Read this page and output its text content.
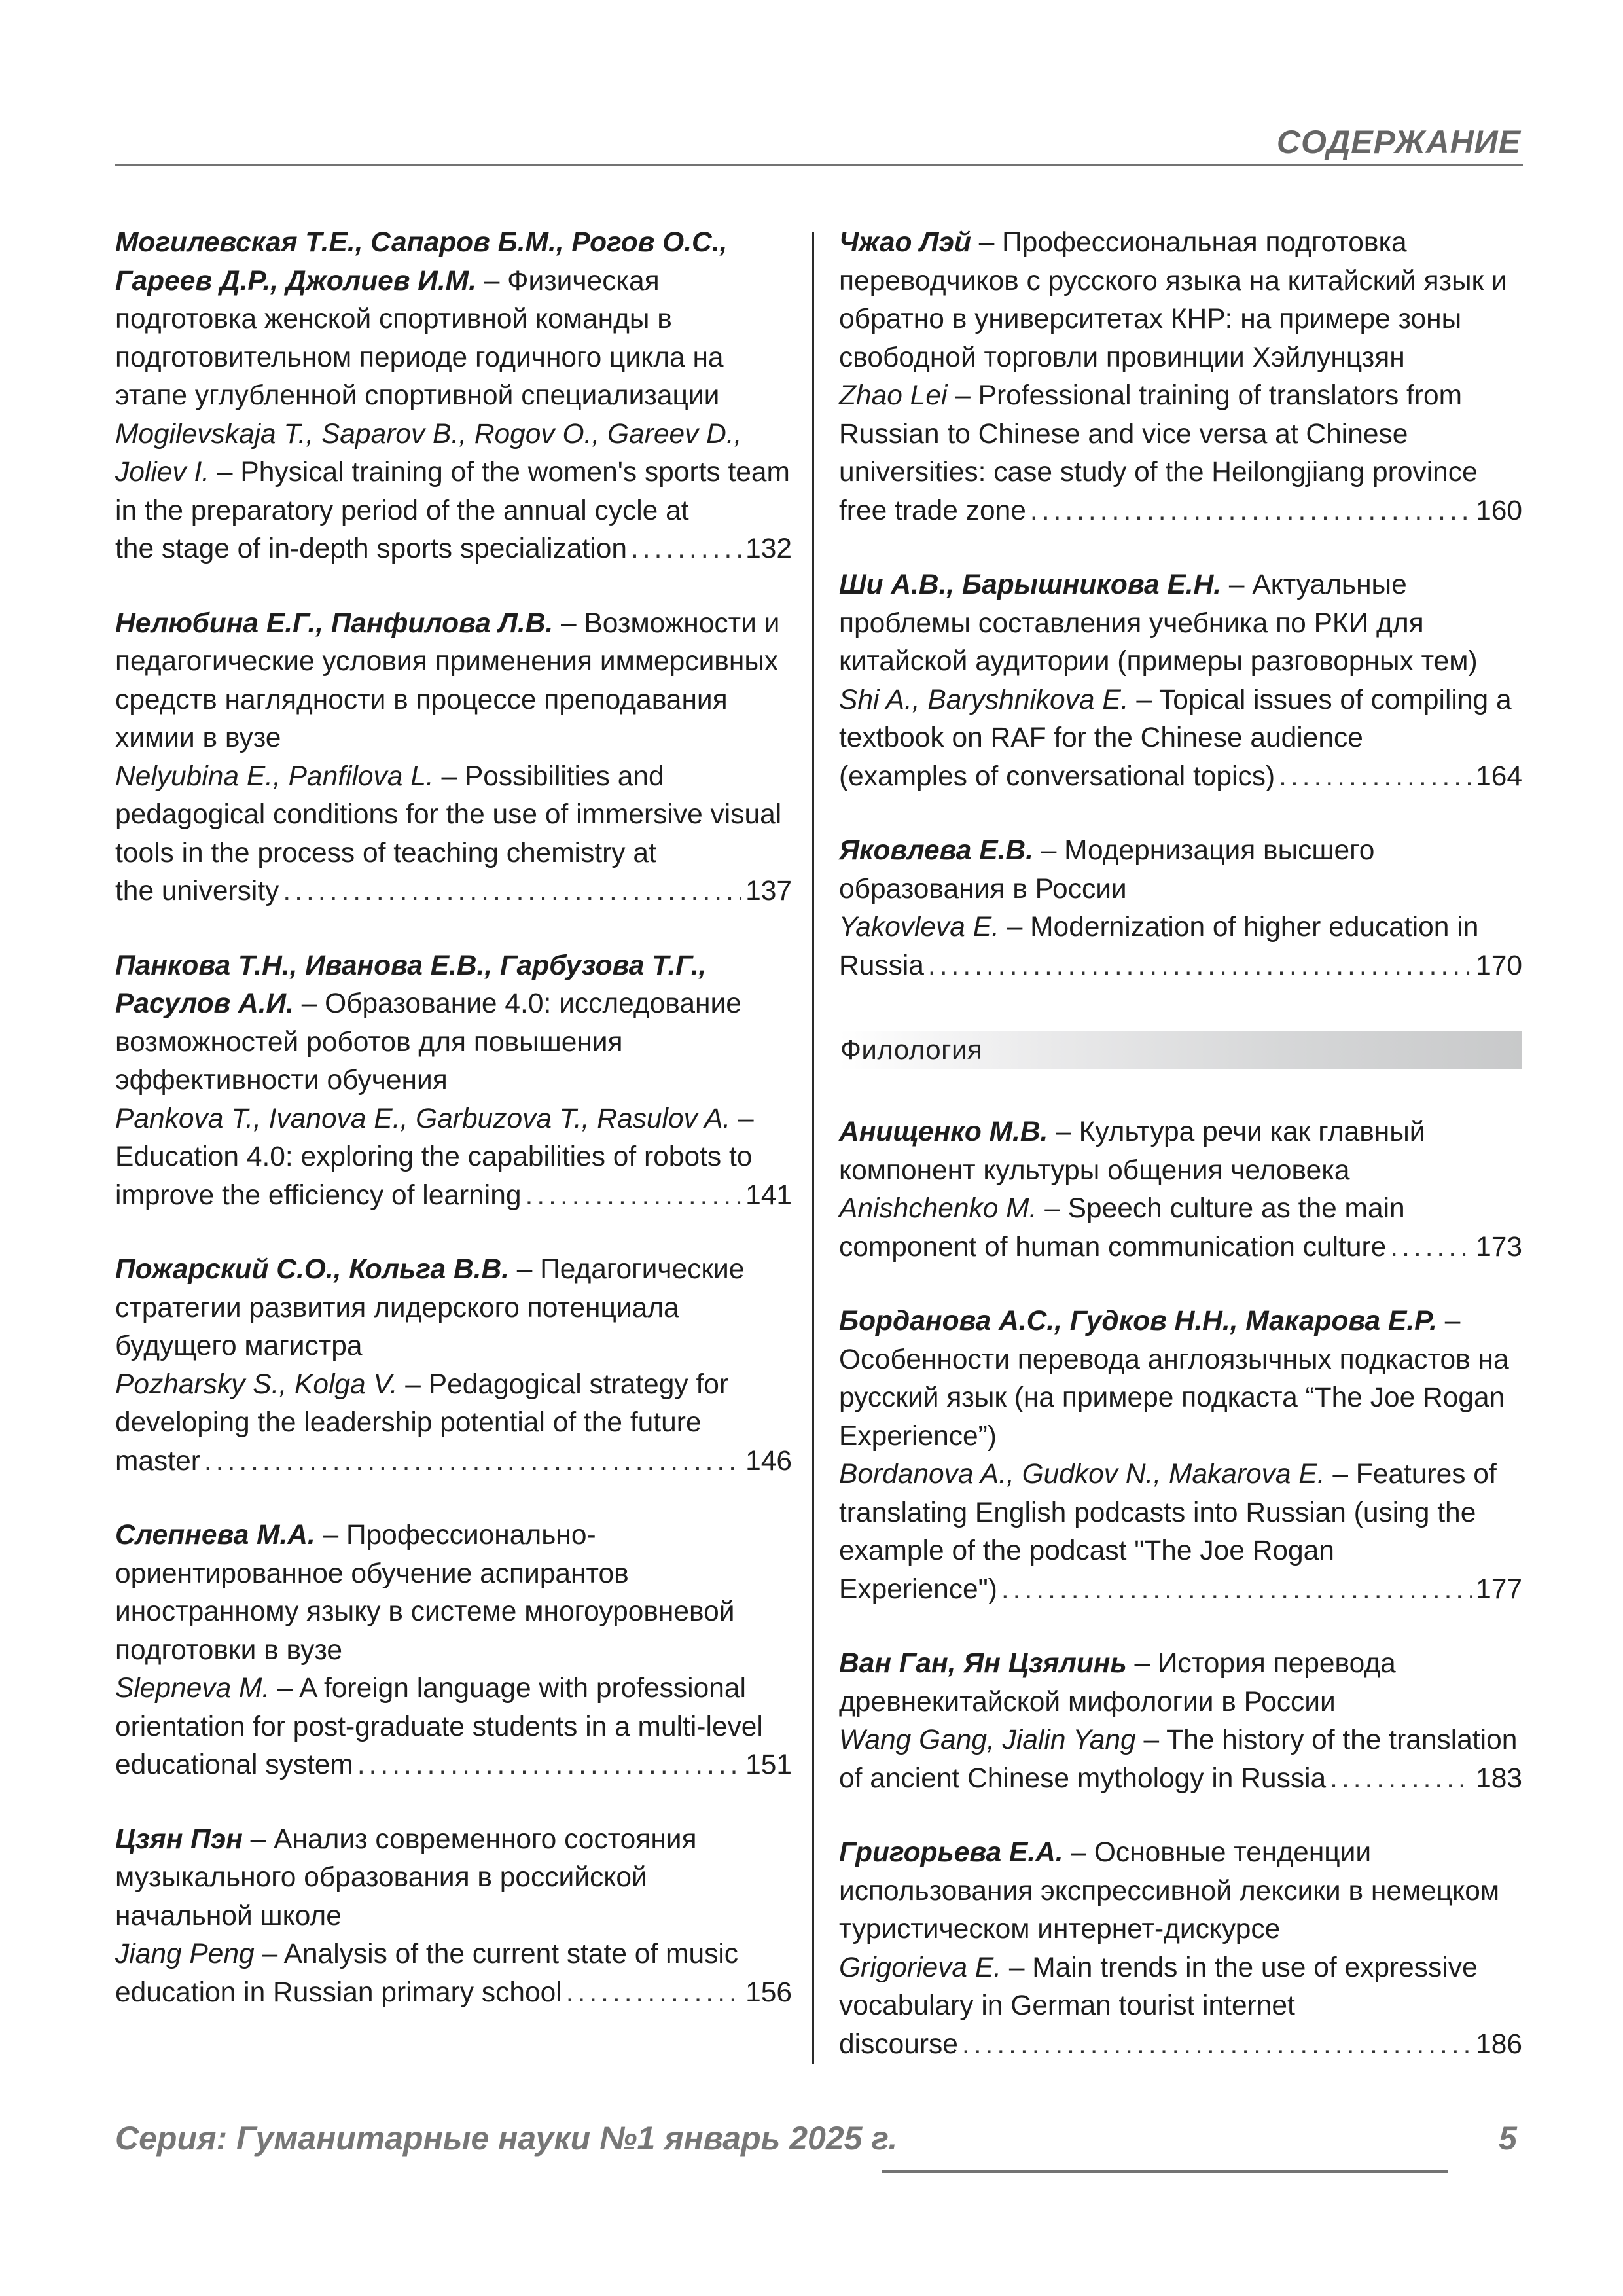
СОДЕРЖАНИЕ
Могилевская Т.Е., Сапаров Б.М., Рогов О.С., Гареев Д.Р., Джолиев И.М. – Физическая подготовка женской спортивной команды в подготовительном периоде годичного цикла на этапе углубленной спортивной специализации
Mogilevskaja T., Saparov B., Rogov O., Gareev D., Joliev I. – Physical training of the women's sports team in the preparatory period of the annual cycle at
the stage of in-depth sports specialization .....	132
Нелюбина Е.Г., Панфилова Л.В. – Возможности и педагогические условия применения иммерсивных средств наглядности в процессе преподавания химии в вузе
Nelyubina E., Panfilova L. – Possibilities and pedagogical conditions for the use of immersive visual tools in the process of teaching chemistry at
the university .....	137
Панкова Т.Н., Иванова Е.В., Гарбузова Т.Г., Расулов А.И. – Образование 4.0: исследование возможностей роботов для повышения эффективности обучения
Pankova T., Ivanova E., Garbuzova T., Rasulov A. – Education 4.0: exploring the capabilities of robots to
improve the efficiency of learning .....	141
Пожарский С.О., Кольга В.В. – Педагогические стратегии развития лидерского потенциала будущего магистра
Pozharsky S., Kolga V. – Pedagogical strategy for developing the leadership potential of the future
master .....	146
Слепнева М.А. – Профессионально-ориентированное обучение аспирантов иностранному языку в системе многоуровневой подготовки в вузе
Slepneva M. – A foreign language with professional orientation for post-graduate students in a multi-level
educational system .....	151
Цзян Пэн – Анализ современного состояния музыкального образования в российской начальной школе
Jiang Peng – Analysis of the current state of music
education in Russian primary school .....	156
Чжао Лэй – Профессиональная подготовка переводчиков с русского языка на китайский язык и обратно в университетах КНР: на примере зоны свободной торговли провинции Хэйлунцзян
Zhao Lei – Professional training of translators from Russian to Chinese and vice versa at Chinese universities: case study of the Heilongjiang province
free trade zone .....	160
Ши А.В., Барышникова Е.Н. – Актуальные проблемы составления учебника по РКИ для китайской аудитории (примеры разговорных тем)
Shi A., Baryshnikova E. – Topical issues of compiling a textbook on RAF for the Chinese audience
(examples of conversational topics) .....	164
Яковлева Е.В. – Модернизация высшего образования в России
Yakovleva E. – Modernization of higher education in
Russia .....	170
Филология
Анищенко М.В. – Культура речи как главный компонент культуры общения человека
Anishchenko M. – Speech culture as the main
component of human communication culture .....	173
Борданова А.С., Гудков Н.Н., Макарова Е.Р. – Особенности перевода англоязычных подкастов на русский язык (на примере подкаста “The Joe Rogan Experience”)
Bordanova A., Gudkov N., Makarova E. – Features of translating English podcasts into Russian (using the example of the podcast "The Joe Rogan
Experience") .....	177
Ван Ган, Ян Цзялинь – История перевода древнекитайской мифологии в России
Wang Gang, Jialin Yang – The history of the translation
of ancient Chinese mythology in Russia .....	183
Григорьева Е.А. – Основные тенденции использования экспрессивной лексики в немецком туристическом интернет-дискурсе
Grigorieva E. – Main trends in the use of expressive vocabulary in German tourist internet
discourse .....	186
Серия: Гуманитарные науки №1 январь 2025 г.	5
